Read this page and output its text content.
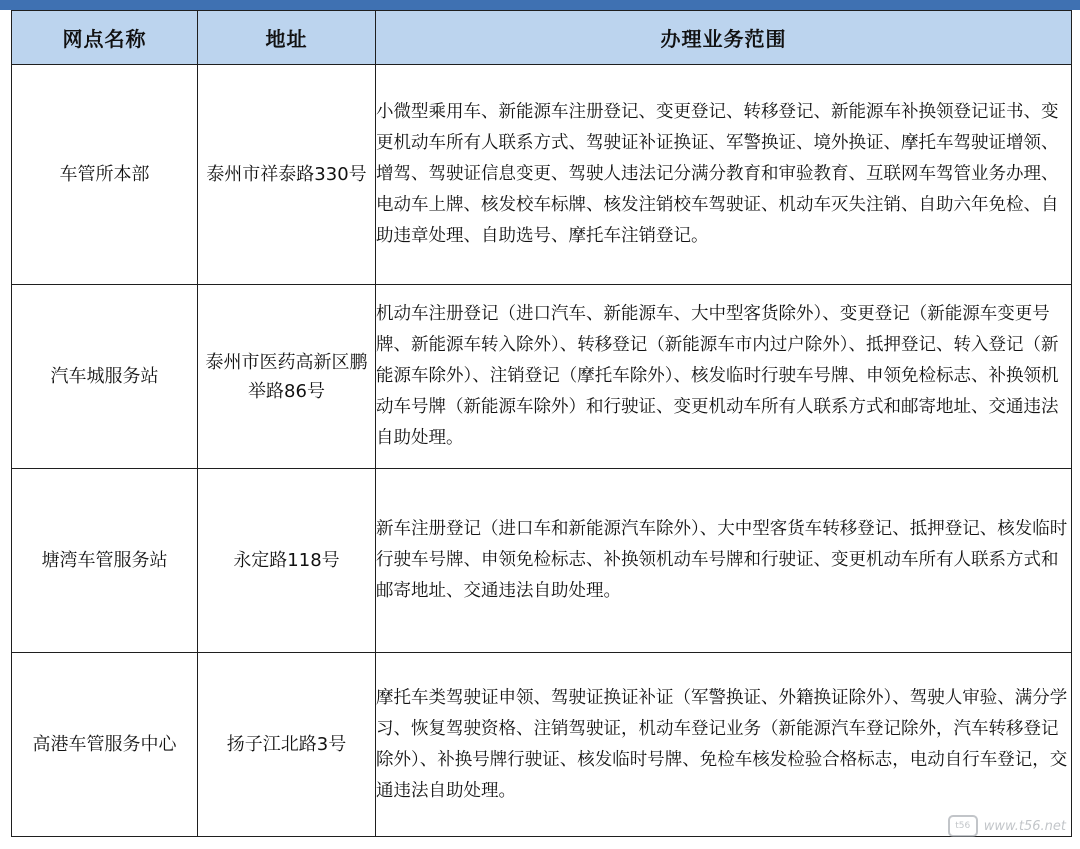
网点名称	地址	办理业务范围
车管所本部	泰州市祥泰路330号	小微型乘用车、新能源车注册登记、变更登记、转移登记、新能源车补换领登记证书、变更机动车所有人联系方式、驾驶证补证换证、军警换证、境外换证、摩托车驾驶证增领、增驾、驾驶证信息变更、驾驶人违法记分满分教育和审验教育、互联网车驾管业务办理、电动车上牌、核发校车标牌、核发注销校车驾驶证、机动车灭失注销、自助六年免检、自助违章处理、自助选号、摩托车注销登记。
汽车城服务站	泰州市医药高新区鹏举路86号	机动车注册登记（进口汽车、新能源车、大中型客货除外）、变更登记（新能源车变更号牌、新能源车转入除外）、转移登记（新能源车市内过户除外）、抵押登记、转入登记（新能源车除外）、注销登记（摩托车除外）、核发临时行驶车号牌、申领免检标志、补换领机动车号牌（新能源车除外）和行驶证、变更机动车所有人联系方式和邮寄地址、交通违法自助处理。
塘湾车管服务站	永定路118号	新车注册登记（进口车和新能源汽车除外）、大中型客货车转移登记、抵押登记、核发临时行驶车号牌、申领免检标志、补换领机动车号牌和行驶证、变更机动车所有人联系方式和邮寄地址、交通违法自助处理。
高港车管服务中心	扬子江北路3号	摩托车类驾驶证申领、驾驶证换证补证（军警换证、外籍换证除外）、驾驶人审验、满分学习、恢复驾驶资格、注销驾驶证，机动车登记业务（新能源汽车登记除外，汽车转移登记除外）、补换号牌行驶证、核发临时号牌、免检车核发检验合格标志，电动自行车登记，交通违法自助处理。
t56	www.t56.net
